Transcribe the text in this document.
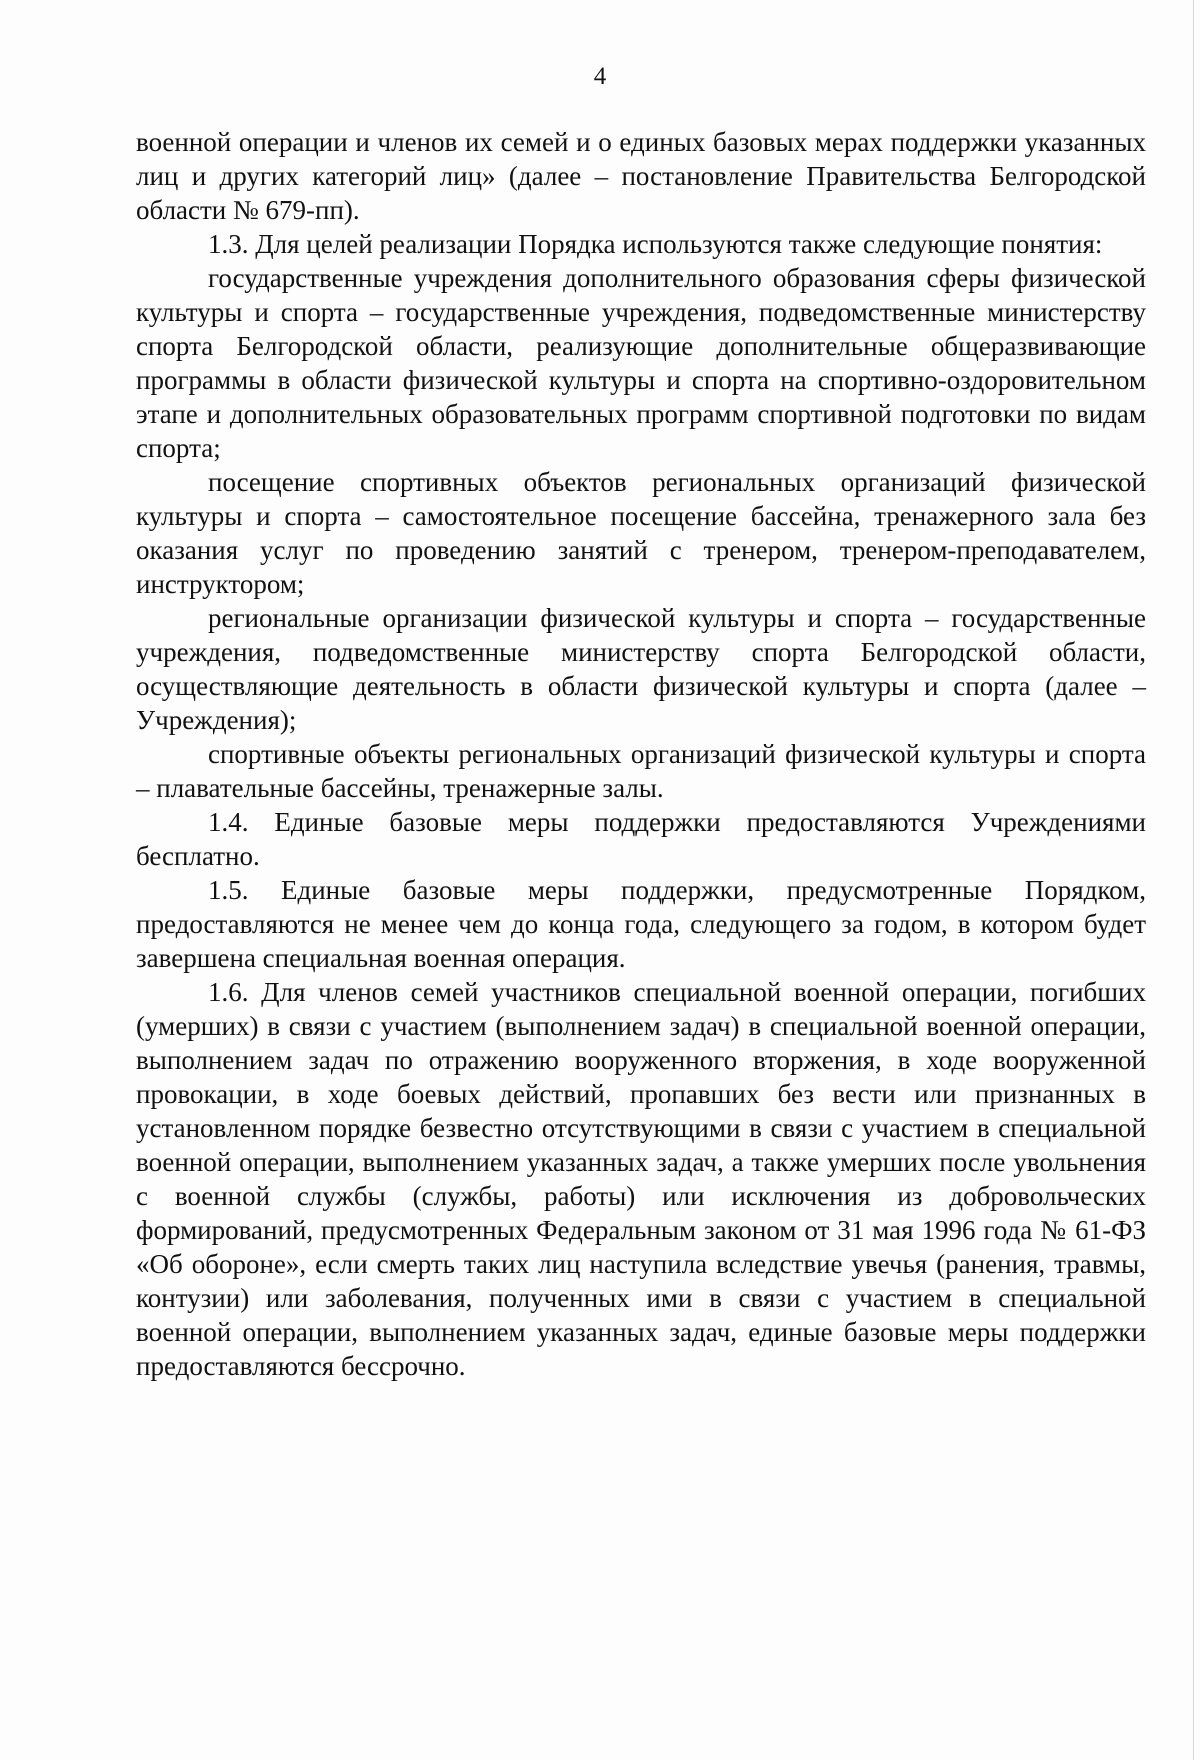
4

военной операции и членов их семей и о единых базовых мерах поддержки указанных лиц и других категорий лиц» (далее – постановление Правительства Белгородской области № 679-пп).

1.3. Для целей реализации Порядка используются также следующие понятия:

государственные учреждения дополнительного образования сферы физической культуры и спорта – государственные учреждения, подведомственные министерству спорта Белгородской области, реализующие дополнительные общеразвивающие программы в области физической культуры и спорта на спортивно-оздоровительном этапе и дополнительных образовательных программ спортивной подготовки по видам спорта;

посещение спортивных объектов региональных организаций физической культуры и спорта – самостоятельное посещение бассейна, тренажерного зала без оказания услуг по проведению занятий с тренером, тренером-преподавателем, инструктором;

региональные организации физической культуры и спорта – государственные учреждения, подведомственные министерству спорта Белгородской области, осуществляющие деятельность в области физической культуры и спорта (далее – Учреждения);

спортивные объекты региональных организаций физической культуры и спорта – плавательные бассейны, тренажерные залы.

1.4. Единые базовые меры поддержки предоставляются Учреждениями бесплатно.

1.5. Единые базовые меры поддержки, предусмотренные Порядком, предоставляются не менее чем до конца года, следующего за годом, в котором будет завершена специальная военная операция.

1.6. Для членов семей участников специальной военной операции, погибших (умерших) в связи с участием (выполнением задач) в специальной военной операции, выполнением задач по отражению вооруженного вторжения, в ходе вооруженной провокации, в ходе боевых действий, пропавших без вести или признанных в установленном порядке безвестно отсутствующими в связи с участием в специальной военной операции, выполнением указанных задач, а также умерших после увольнения с военной службы (службы, работы) или исключения из добровольческих формирований, предусмотренных Федеральным законом от 31 мая 1996 года № 61-ФЗ «Об обороне», если смерть таких лиц наступила вследствие увечья (ранения, травмы, контузии) или заболевания, полученных ими в связи с участием в специальной военной операции, выполнением указанных задач, единые базовые меры поддержки предоставляются бессрочно.
